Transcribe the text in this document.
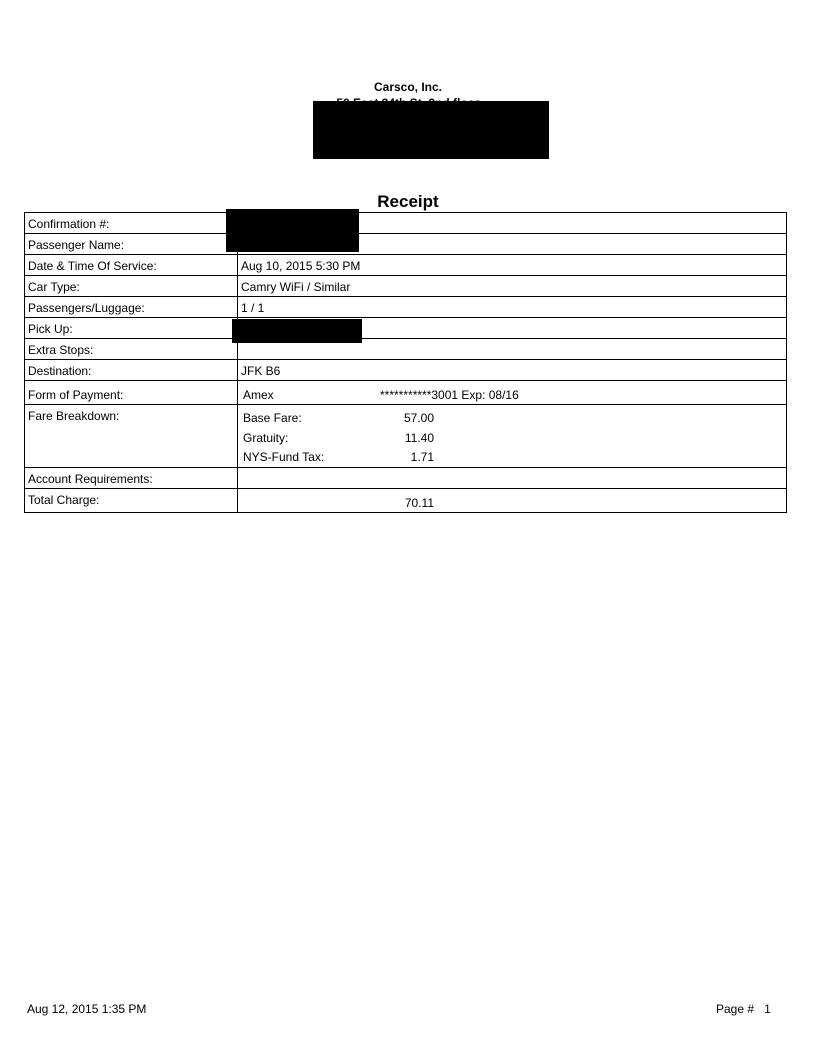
Carsco, Inc.
Receipt
Confirmation #:
Passenger Name:
Date & Time Of Service:	Aug 10, 2015 5:30 PM
Car Type:	Camry WiFi / Similar
Passengers/Luggage:	1 / 1
Pick Up:
Extra Stops:
Destination:	JFK B6
Form of Payment:	Amex	***********3001 Exp: 08/16
Fare Breakdown:	Base Fare:	57.00
Gratuity:	11.40
NYS-Fund Tax:	1.71
Account Requirements:
Total Charge:	70.11
Aug 12, 2015 1:35 PM	Page # 1
